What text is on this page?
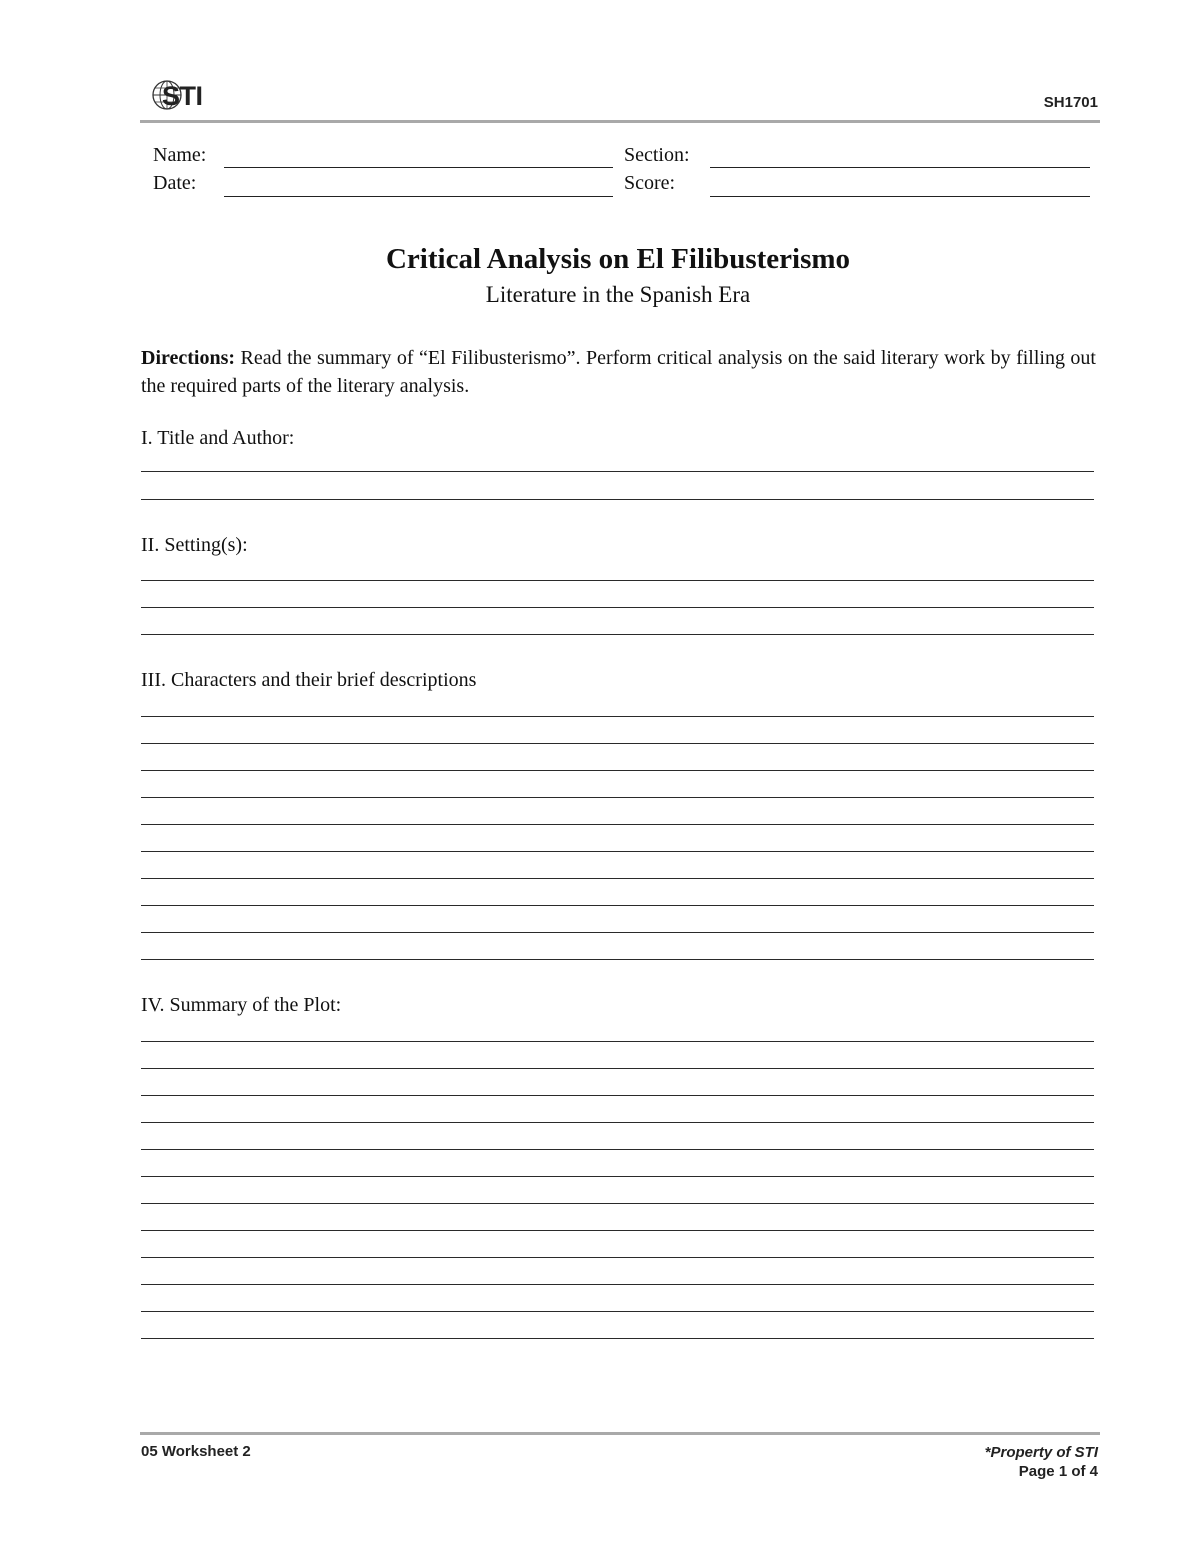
STI	SH1701
Name:	Section:
Date:	Score:
Critical Analysis on El Filibusterismo
Literature in the Spanish Era
Directions: Read the summary of “El Filibusterismo”. Perform critical analysis on the said literary work by filling out the required parts of the literary analysis.
I. Title and Author:
II. Setting(s):
III. Characters and their brief descriptions
IV. Summary of the Plot:
05 Worksheet 2	*Property of STI
Page 1 of 4
